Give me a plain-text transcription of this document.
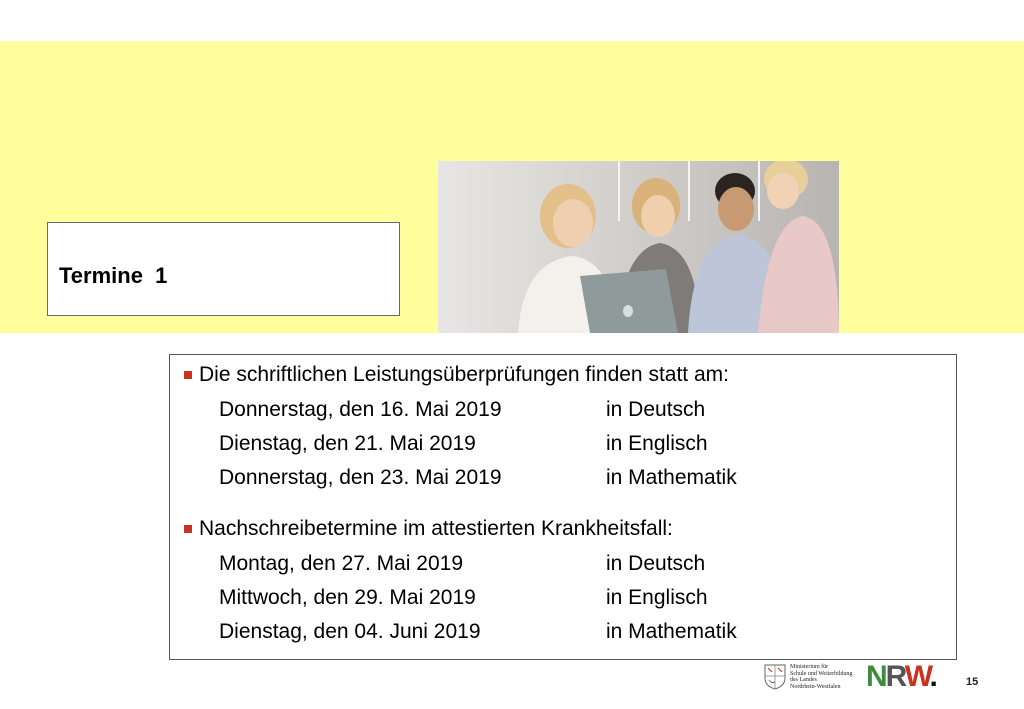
Termine  1
Die schriftlichen Leistungsüberprüfungen finden statt am:
Donnerstag, den 16. Mai 2019	in Deutsch
Dienstag, den 21. Mai 2019	in Englisch
Donnerstag, den 23. Mai 2019	in Mathematik
Nachschreibetermine im attestierten Krankheitsfall:
Montag, den 27. Mai 2019	in Deutsch
Mittwoch, den 29. Mai 2019	in Englisch
Dienstag, den 04. Juni 2019	in Mathematik
Ministerium für
Schule und Weiterbildung
des Landes
Nordrhein-Westfalen NRW.	15
